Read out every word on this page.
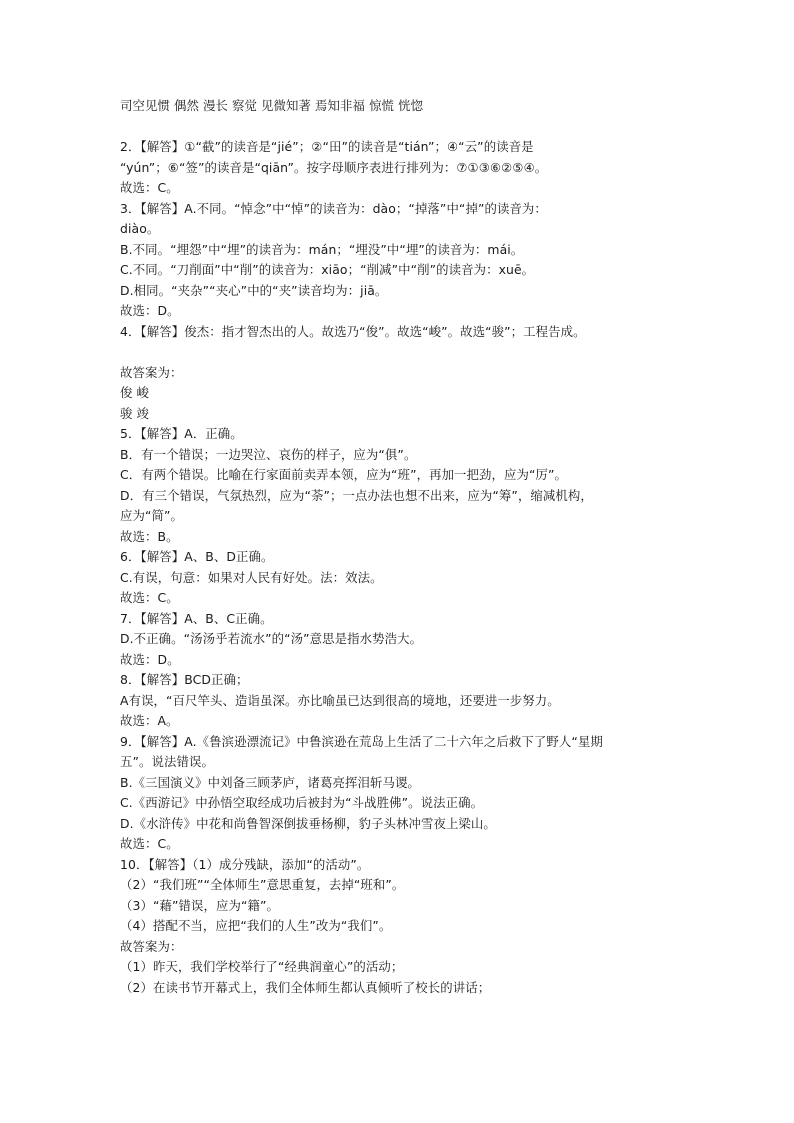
司空见惯 偶然 漫长 察觉 见微知著 焉知非福 惊慌 恍惚
2．【解答】①“截”的读音是“jié”；②“田”的读音是“tián”；④“云”的读音是
“yún”；⑥“签”的读音是“qiān”。按字母顺序表进行排列为：⑦①③⑥②⑤④。
故选：C。
3．【解答】A.不同。“悼念”中“悼”的读音为：dào；“掉落”中“掉”的读音为：
diào。
B.不同。“埋怨”中“埋”的读音为：mán；“埋没”中“埋”的读音为：mái。
C.不同。“刀削面”中“削”的读音为：xiāo；“削减”中“削”的读音为：xuē。
D.相同。“夹杂”“夹心”中的“夹”读音均为：jiā。
故选：D。
4．【解答】俊杰：指才智杰出的人。故选乃“俊”。故选“峻”。故选“骏”；工程告成。
故答案为：
俊 峻
骏 竣
5．【解答】A．正确。
B．有一个错误；一边哭泣、哀伤的样子，应为“俱”。
C．有两个错误。比喻在行家面前卖弄本领，应为“班”，再加一把劲，应为“厉”。
D．有三个错误，气氛热烈，应为“荼”；一点办法也想不出来，应为“筹”，缩减机构，
应为“简”。
故选：B。
6．【解答】A、B、D正确。
C.有误，句意：如果对人民有好处。法：效法。
故选：C。
7．【解答】A、B、C正确。
D.不正确。“汤汤乎若流水”的“汤”意思是指水势浩大。
故选：D。
8．【解答】BCD正确；
A有误，“百尺竿头、造诣虽深。亦比喻虽已达到很高的境地，还要进一步努力。
故选：A。
9．【解答】A.《鲁滨逊漂流记》中鲁滨逊在荒岛上生活了二十六年之后救下了野人“星期
五”。说法错误。
B.《三国演义》中刘备三顾茅庐，诸葛亮挥泪斩马谡。
C.《西游记》中孙悟空取经成功后被封为“斗战胜佛”。说法正确。
D.《水浒传》中花和尚鲁智深倒拔垂杨柳，豹子头林冲雪夜上梁山。
故选：C。
10．【解答】（1）成分残缺，添加“的活动”。
（2）“我们班”“全体师生”意思重复，去掉“班和”。
（3）“藉”错误，应为“籍”。
（4）搭配不当，应把“我们的人生”改为“我们”。
故答案为：
（1）昨天，我们学校举行了“经典润童心”的活动；
（2）在读书节开幕式上，我们全体师生都认真倾听了校长的讲话；
